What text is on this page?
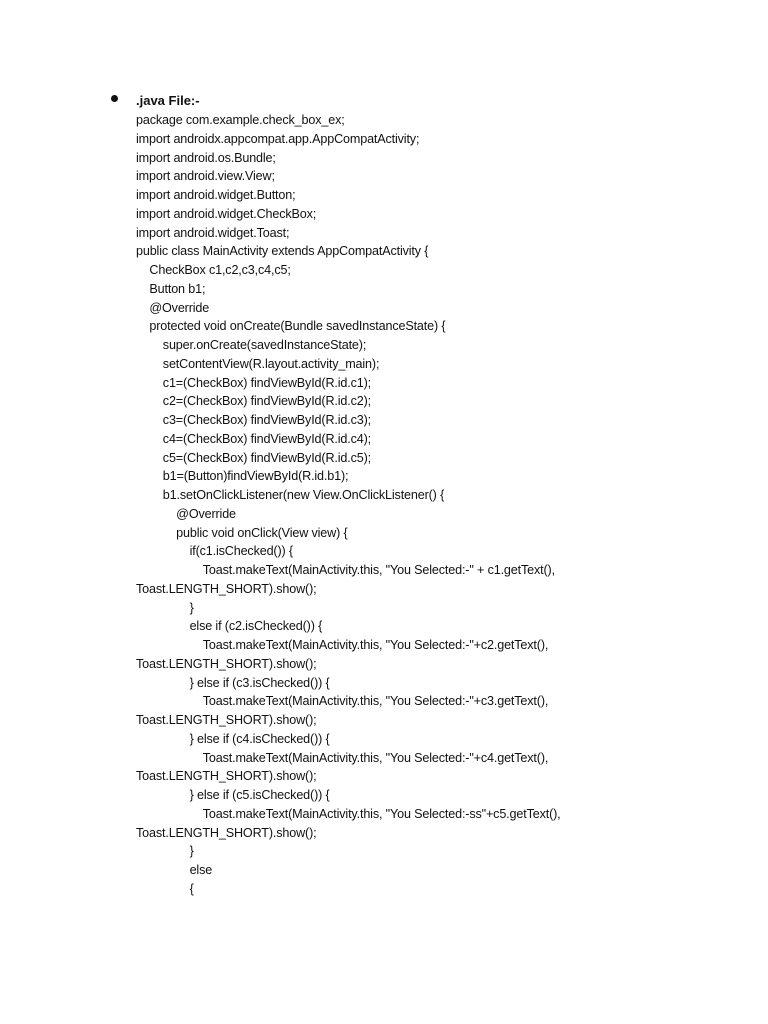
.java File:-
package com.example.check_box_ex;
import androidx.appcompat.app.AppCompatActivity;
import android.os.Bundle;
import android.view.View;
import android.widget.Button;
import android.widget.CheckBox;
import android.widget.Toast;
public class MainActivity extends AppCompatActivity {
CheckBox c1,c2,c3,c4,c5;
Button b1;
@Override
protected void onCreate(Bundle savedInstanceState) {
super.onCreate(savedInstanceState);
setContentView(R.layout.activity_main);
c1=(CheckBox) findViewById(R.id.c1);
c2=(CheckBox) findViewById(R.id.c2);
c3=(CheckBox) findViewById(R.id.c3);
c4=(CheckBox) findViewById(R.id.c4);
c5=(CheckBox) findViewById(R.id.c5);
b1=(Button)findViewById(R.id.b1);
b1.setOnClickListener(new View.OnClickListener() {
@Override
public void onClick(View view) {
if(c1.isChecked()) {
Toast.makeText(MainActivity.this, "You Selected:-" + c1.getText(),
Toast.LENGTH_SHORT).show();
}
else if (c2.isChecked()) {
Toast.makeText(MainActivity.this, "You Selected:-"+c2.getText(),
Toast.LENGTH_SHORT).show();
} else if (c3.isChecked()) {
Toast.makeText(MainActivity.this, "You Selected:-"+c3.getText(),
Toast.LENGTH_SHORT).show();
} else if (c4.isChecked()) {
Toast.makeText(MainActivity.this, "You Selected:-"+c4.getText(),
Toast.LENGTH_SHORT).show();
} else if (c5.isChecked()) {
Toast.makeText(MainActivity.this, "You Selected:-ss"+c5.getText(),
Toast.LENGTH_SHORT).show();
}
else
{
